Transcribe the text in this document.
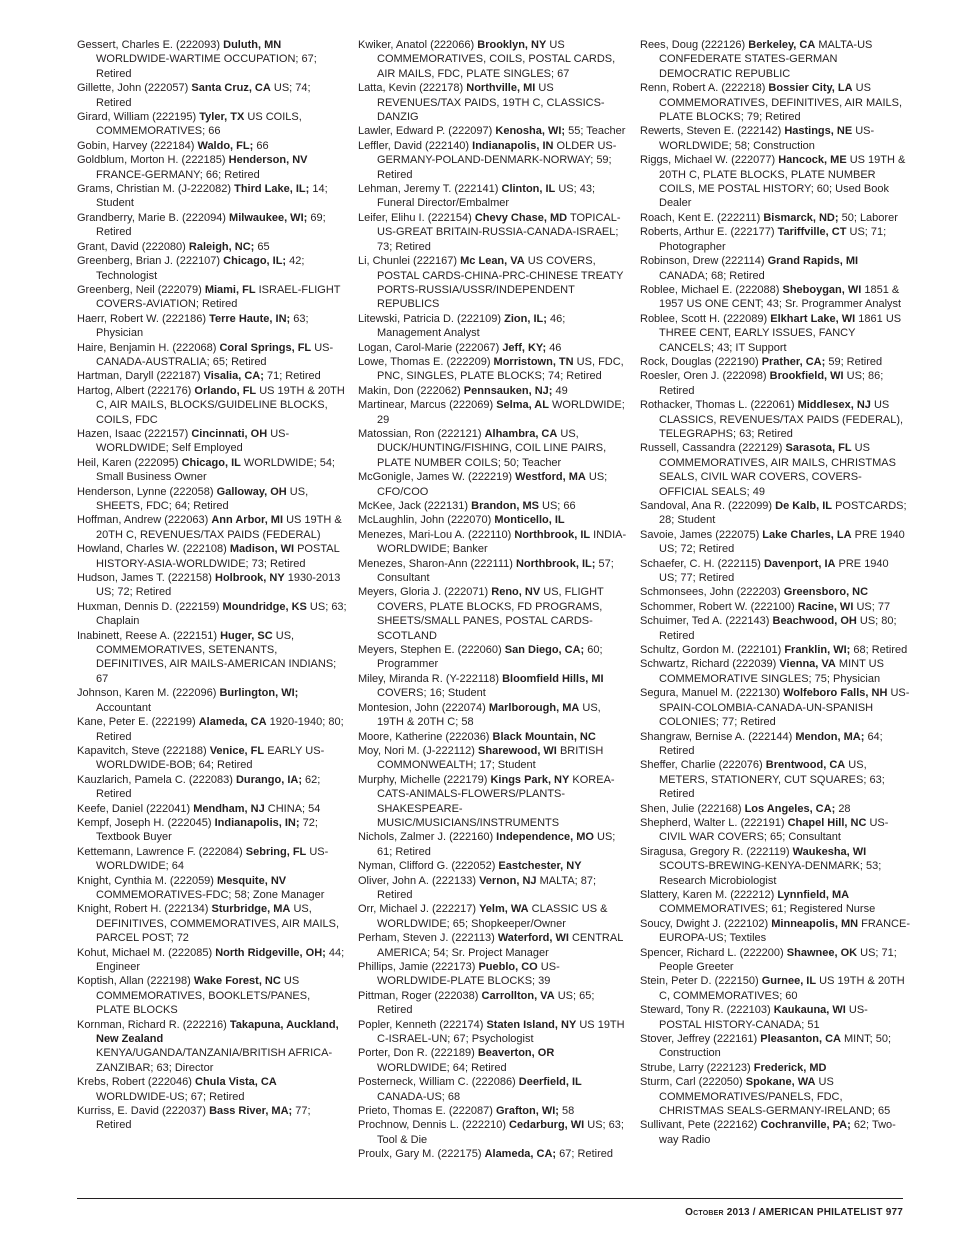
Gessert, Charles E. (222093) Duluth, MN WORLDWIDE-WARTIME OCCUPATION; 67; Retired

Gillette, John (222057) Santa Cruz, CA US; 74; Retired

Girard, William (222195) Tyler, TX US COILS, COMMEMORATIVES; 66

Gobin, Harvey (222184) Waldo, FL; 66

Goldblum, Morton H. (222185) Henderson, NV FRANCE-GERMANY; 66; Retired

Grams, Christian M. (J-222082) Third Lake, IL; 14; Student

Grandberry, Marie B. (222094) Milwaukee, WI; 69; Retired

Grant, David (222080) Raleigh, NC; 65

Greenberg, Brian J. (222107) Chicago, IL; 42; Technologist

Greenberg, Neil (222079) Miami, FL ISRAEL-FLIGHT COVERS-AVIATION; Retired

Haerr, Robert W. (222186) Terre Haute, IN; 63; Physician

Haire, Benjamin H. (222068) Coral Springs, FL US-CANADA-AUSTRALIA; 65; Retired

Hartman, Daryll (222187) Visalia, CA; 71; Retired

Hartog, Albert (222176) Orlando, FL US 19TH & 20TH C, AIR MAILS, BLOCKS/GUIDELINE BLOCKS, COILS, FDC

Hazen, Isaac (222157) Cincinnati, OH US-WORLDWIDE; Self Employed

Heil, Karen (222095) Chicago, IL WORLDWIDE; 54; Small Business Owner

Henderson, Lynne (222058) Galloway, OH US, SHEETS, FDC; 64; Retired

Hoffman, Andrew (222063) Ann Arbor, MI US 19TH & 20TH C, REVENUES/TAX PAIDS (FEDERAL)

Howland, Charles W. (222108) Madison, WI POSTAL HISTORY-ASIA-WORLDWIDE; 73; Retired

Hudson, James T. (222158) Holbrook, NY 1930-2013 US; 72; Retired

Huxman, Dennis D. (222159) Moundridge, KS US; 63; Chaplain

Inabinett, Reese A. (222151) Huger, SC US, COMMEMORATIVES, SETENANTS, DEFINITIVES, AIR MAILS-AMERICAN INDIANS; 67

Johnson, Karen M. (222096) Burlington, WI; Accountant

Kane, Peter E. (222199) Alameda, CA 1920-1940; 80; Retired

Kapavitch, Steve (222188) Venice, FL EARLY US-WORLDWIDE-BOB; 64; Retired

Kauzlarich, Pamela C. (222083) Durango, IA; 62; Retired

Keefe, Daniel (222041) Mendham, NJ CHINA; 54

Kempf, Joseph H. (222045) Indianapolis, IN; 72; Textbook Buyer

Kettemann, Lawrence F. (222084) Sebring, FL US-WORLDWIDE; 64

Knight, Cynthia M. (222059) Mesquite, NV COMMEMORATIVES-FDC; 58; Zone Manager

Knight, Robert H. (222134) Sturbridge, MA US, DEFINITIVES, COMMEMORATIVES, AIR MAILS, PARCEL POST; 72

Kohut, Michael M. (222085) North Ridgeville, OH; 44; Engineer

Koptish, Allan (222198) Wake Forest, NC US COMMEMORATIVES, BOOKLETS/PANES, PLATE BLOCKS

Kornman, Richard R. (222216) Takapuna, Auckland, New Zealand KENYA/UGANDA/TANZANIA/BRITISH AFRICA-ZANZIBAR; 63; Director

Krebs, Robert (222046) Chula Vista, CA WORLDWIDE-US; 67; Retired

Kurriss, E. David (222037) Bass River, MA; 77; Retired

Kwiker, Anatol (222066) Brooklyn, NY US COMMEMORATIVES, COILS, POSTAL CARDS, AIR MAILS, FDC, PLATE SINGLES; 67

Latta, Kevin (222178) Northville, MI US REVENUES/TAX PAIDS, 19TH C, CLASSICS-DANZIG

Lawler, Edward P. (222097) Kenosha, WI; 55; Teacher

Leffler, David (222140) Indianapolis, IN OLDER US-GERMANY-POLAND-DENMARK-NORWAY; 59; Retired

Lehman, Jeremy T. (222141) Clinton, IL US; 43; Funeral Director/Embalmer

Leifer, Elihu I. (222154) Chevy Chase, MD TOPICAL-US-GREAT BRITAIN-RUSSIA-CANADA-ISRAEL; 73; Retired

Li, Chunlei (222167) Mc Lean, VA US COVERS, POSTAL CARDS-CHINA-PRC-CHINESE TREATY PORTS-RUSSIA/USSR/INDEPENDENT REPUBLICS

Litewski, Patricia D. (222109) Zion, IL; 46; Management Analyst

Logan, Carol-Marie (222067) Jeff, KY; 46

Lowe, Thomas E. (222209) Morristown, TN US, FDC, PNC, SINGLES, PLATE BLOCKS; 74; Retired

Makin, Don (222062) Pennsauken, NJ; 49

Martinear, Marcus (222069) Selma, AL WORLDWIDE; 29

Matossian, Ron (222121) Alhambra, CA US, DUCK/HUNTING/FISHING, COIL LINE PAIRS, PLATE NUMBER COILS; 50; Teacher

McGonigle, James W. (222219) Westford, MA US; CFO/COO

McKee, Jack (222131) Brandon, MS US; 66

McLaughlin, John (222070) Monticello, IL

Menezes, Mari-Lou A. (222110) Northbrook, IL INDIA-WORLDWIDE; Banker

Menezes, Sharon-Ann (222111) Northbrook, IL; 57; Consultant

Meyers, Gloria J. (222071) Reno, NV US, FLIGHT COVERS, PLATE BLOCKS, FD PROGRAMS, SHEETS/SMALL PANES, POSTAL CARDS-SCOTLAND

Meyers, Stephen E. (222060) San Diego, CA; 60; Programmer

Miley, Miranda R. (Y-222118) Bloomfield Hills, MI COVERS; 16; Student

Montesion, John (222074) Marlborough, MA US, 19TH & 20TH C; 58

Moore, Katherine (222036) Black Mountain, NC

Moy, Nori M. (J-222112) Sharewood, WI BRITISH COMMONWEALTH; 17; Student

Murphy, Michelle (222179) Kings Park, NY KOREA-CATS-ANIMALS-FLOWERS/PLANTS-SHAKESPEARE-MUSIC/MUSICIANS/INSTRUMENTS

Nichols, Zalmer J. (222160) Independence, MO US; 61; Retired

Nyman, Clifford G. (222052) Eastchester, NY

Oliver, John A. (222133) Vernon, NJ MALTA; 87; Retired

Orr, Michael J. (222217) Yelm, WA CLASSIC US & WORLDWIDE; 65; Shopkeeper/Owner

Perham, Steven J. (222113) Waterford, WI CENTRAL AMERICA; 54; Sr. Project Manager

Phillips, Jamie (222173) Pueblo, CO US-WORLDWIDE-PLATE BLOCKS; 39

Pittman, Roger (222038) Carrollton, VA US; 65; Retired

Popler, Kenneth (222174) Staten Island, NY US 19TH C-ISRAEL-UN; 67; Psychologist

Porter, Don R. (222189) Beaverton, OR WORLDWIDE; 64; Retired

Posterneck, William C. (222086) Deerfield, IL CANADA-US; 68

Prieto, Thomas E. (222087) Grafton, WI; 58

Prochnow, Dennis L. (222210) Cedarburg, WI US; 63; Tool & Die

Proulx, Gary M. (222175) Alameda, CA; 67; Retired

Rees, Doug (222126) Berkeley, CA MALTA-US CONFEDERATE STATES-GERMAN DEMOCRATIC REPUBLIC

Renn, Robert A. (222218) Bossier City, LA US COMMEMORATIVES, DEFINITIVES, AIR MAILS, PLATE BLOCKS; 79; Retired

Rewerts, Steven E. (222142) Hastings, NE US-WORLDWIDE; 58; Construction

Riggs, Michael W. (222077) Hancock, ME US 19TH & 20TH C, PLATE BLOCKS, PLATE NUMBER COILS, ME POSTAL HISTORY; 60; Used Book Dealer

Roach, Kent E. (222211) Bismarck, ND; 50; Laborer

Roberts, Arthur E. (222177) Tariffville, CT US; 71; Photographer

Robinson, Drew (222114) Grand Rapids, MI CANADA; 68; Retired

Roblee, Michael E. (222088) Sheboygan, WI 1851 & 1957 US ONE CENT; 43; Sr. Programmer Analyst

Roblee, Scott H. (222089) Elkhart Lake, WI 1861 US THREE CENT, EARLY ISSUES, FANCY CANCELS; 43; IT Support

Rock, Douglas (222190) Prather, CA; 59; Retired

Roesler, Oren J. (222098) Brookfield, WI US; 86; Retired

Rothacker, Thomas L. (222061) Middlesex, NJ US CLASSICS, REVENUES/TAX PAIDS (FEDERAL), TELEGRAPHS; 63; Retired

Russell, Cassandra (222129) Sarasota, FL US COMMEMORATIVES, AIR MAILS, CHRISTMAS SEALS, CIVIL WAR COVERS, COVERS-OFFICIAL SEALS; 49

Sandoval, Ana R. (222099) De Kalb, IL POSTCARDS; 28; Student

Savoie, James (222075) Lake Charles, LA PRE 1940 US; 72; Retired

Schaefer, C. H. (222115) Davenport, IA PRE 1940 US; 77; Retired

Schmonsees, John (222203) Greensboro, NC

Schommer, Robert W. (222100) Racine, WI US; 77

Schuimer, Ted A. (222143) Beachwood, OH US; 80; Retired

Schultz, Gordon M. (222101) Franklin, WI; 68; Retired

Schwartz, Richard (222039) Vienna, VA MINT US COMMEMORATIVE SINGLES; 75; Physician

Segura, Manuel M. (222130) Wolfeboro Falls, NH US-SPAIN-COLOMBIA-CANADA-UN-SPANISH COLONIES; 77; Retired

Shangraw, Bernise A. (222144) Mendon, MA; 64; Retired

Sheffer, Charlie (222076) Brentwood, CA US, METERS, STATIONERY, CUT SQUARES; 63; Retired

Shen, Julie (222168) Los Angeles, CA; 28

Shepherd, Walter L. (222191) Chapel Hill, NC US-CIVIL WAR COVERS; 65; Consultant

Siragusa, Gregory R. (222119) Waukesha, WI SCOUTS-BREWING-KENYA-DENMARK; 53; Research Microbiologist

Slattery, Karen M. (222212) Lynnfield, MA COMMEMORATIVES; 61; Registered Nurse

Soucy, Dwight J. (222102) Minneapolis, MN FRANCE-EUROPA-US; Textiles

Spencer, Richard L. (222200) Shawnee, OK US; 71; People Greeter

Stein, Peter D. (222150) Gurnee, IL US 19TH & 20TH C, COMMEMORATIVES; 60

Steward, Tony R. (222103) Kaukauna, WI US-POSTAL HISTORY-CANADA; 51

Stover, Jeffrey (222161) Pleasanton, CA MINT; 50; Construction

Strube, Larry (222123) Frederick, MD

Sturm, Carl (222050) Spokane, WA US COMMEMORATIVES/PANELS, FDC, CHRISTMAS SEALS-GERMANY-IRELAND; 65

Sullivant, Pete (222162) Cochranville, PA; 62; Two-way Radio

October 2013 / AMERICAN PHILATELIST 977
